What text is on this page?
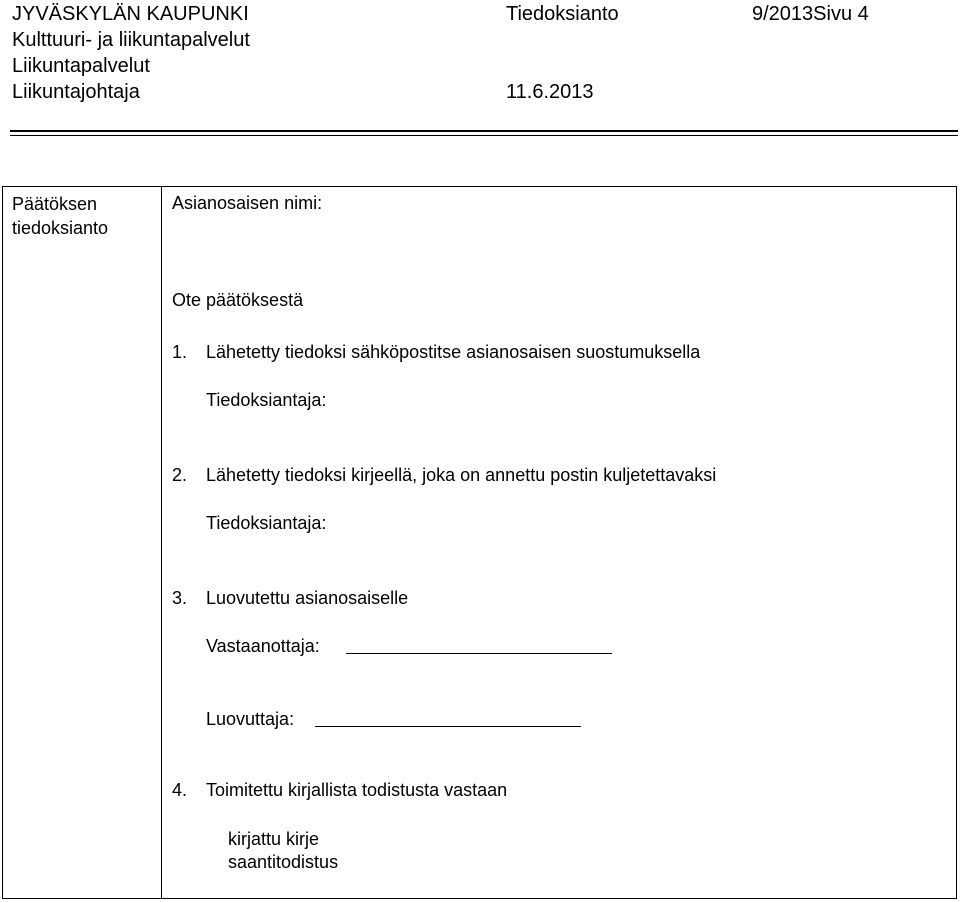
JYVÄSKYLÄN KAUPUNKI	Tiedoksianto	9/2013Sivu 4
Kulttuuri- ja liikuntapalvelut
Liikuntapalvelut
Liikuntajohtaja	11.6.2013
Päätöksen
tiedoksianto
Asianosaisen nimi:
Ote päätöksestä
1. Lähetetty tiedoksi sähköpostitse asianosaisen suostumuksella
Tiedoksiantaja:
2. Lähetetty tiedoksi kirjeellä, joka on annettu postin kuljetettavaksi
Tiedoksiantaja:
3. Luovutettu asianosaiselle
Vastaanottaja:
Luovuttaja:
4. Toimitettu kirjallista todistusta vastaan
kirjattu kirje
saantitodistus
